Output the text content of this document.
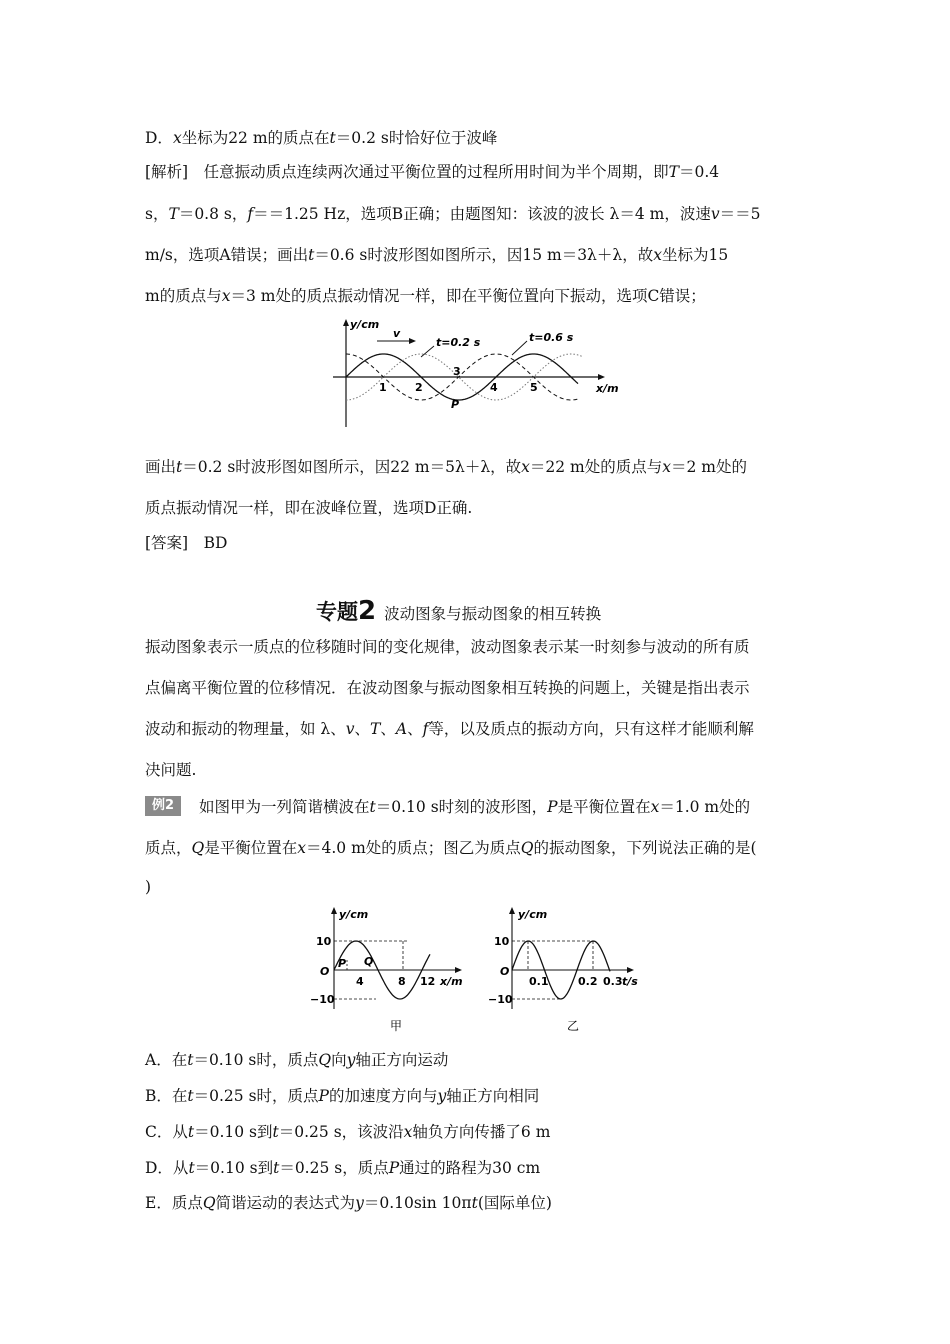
D．x坐标为22 m的质点在t＝0.2 s时恰好位于波峰
[解析]　任意振动质点连续两次通过平衡位置的过程所用时间为半个周期，即T＝0.4
s，T＝0.8 s，f＝＝1.25 Hz，选项B正确；由题图知：该波的波长 λ＝4 m，波速v＝＝5
m/s，选项A错误；画出t＝0.6 s时波形图如图所示，因15 m＝3λ＋λ，故x坐标为15
m的质点与x＝3 m处的质点振动情况一样，即在平衡位置向下振动，选项C错误；
y/cm
x/m
v
t=0.2 s	t=0.6 s
1	2
3
4	5
P
画出t＝0.2 s时波形图如图所示，因22 m＝5λ＋λ，故x＝22 m处的质点与x＝2 m处的
质点振动情况一样，即在波峰位置，选项D正确.
[答案]　BD
专题2 波动图象与振动图象的相互转换
振动图象表示一质点的位移随时间的变化规律，波动图象表示某一时刻参与波动的所有质
点偏离平衡位置的位移情况．在波动图象与振动图象相互转换的问题上，关键是指出表示
波动和振动的物理量，如 λ、v、T、A、f等，以及质点的振动方向，只有这样才能顺利解
决问题.
例2	如图甲为一列简谐横波在t＝0.10 s时刻的波形图，P是平衡位置在x＝1.0 m处的
质点，Q是平衡位置在x＝4.0 m处的质点；图乙为质点Q的振动图象，下列说法正确的是(
)
y/cm
x/m
10
−10
O
4	8 12
P Q
甲
y/cm
t/s
10
−10
O
0.1	0.2 0.3
乙
A．在t＝0.10 s时，质点Q向y轴正方向运动
B．在t＝0.25 s时，质点P的加速度方向与y轴正方向相同
C．从t＝0.10 s到t＝0.25 s，该波沿x轴负方向传播了6 m
D．从t＝0.10 s到t＝0.25 s，质点P通过的路程为30 cm
E．质点Q简谐运动的表达式为y＝0.10sin 10πt(国际单位)
